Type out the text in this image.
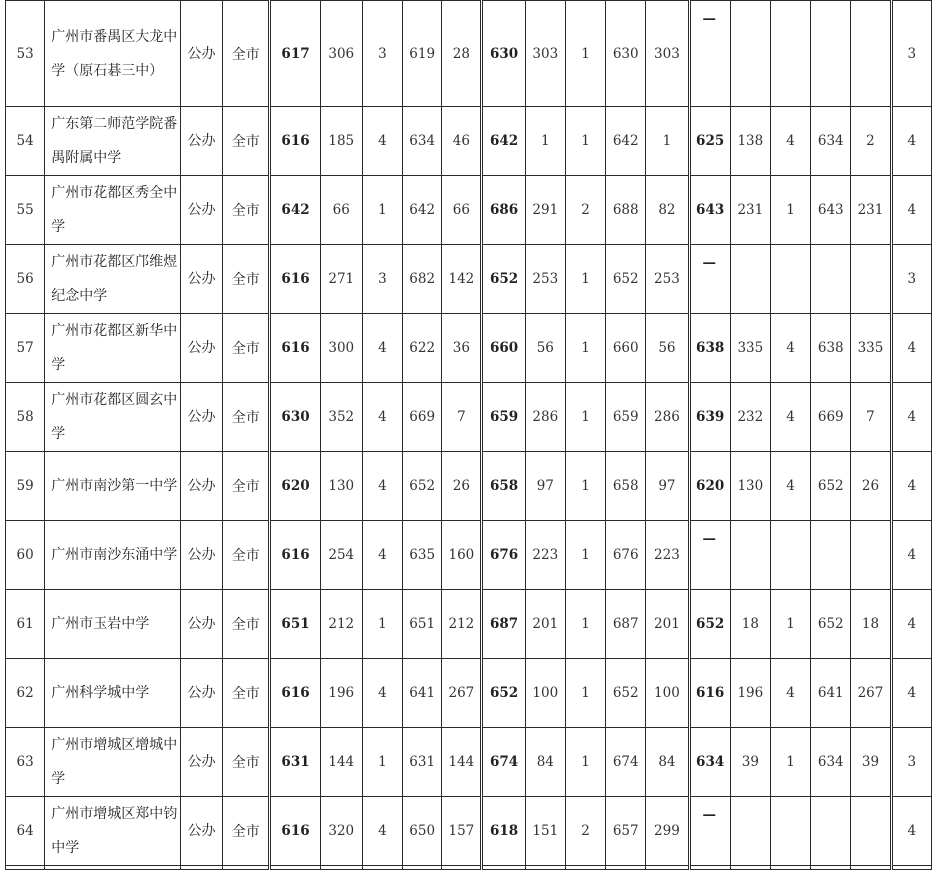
53	广州市番禺区大龙中学（原石碁三中）	公办	全市	617	306	3	619	28	630	303	1	630	303	—					3
54	广东第二师范学院番禺附属中学	公办	全市	616	185	4	634	46	642	1	1	642	1	625	138	4	634	2	4
55	广州市花都区秀全中学	公办	全市	642	66	1	642	66	686	291	2	688	82	643	231	1	643	231	4
56	广州市花都区邝维煜纪念中学	公办	全市	616	271	3	682	142	652	253	1	652	253	—					3
57	广州市花都区新华中学	公办	全市	616	300	4	622	36	660	56	1	660	56	638	335	4	638	335	4
58	广州市花都区圆玄中学	公办	全市	630	352	4	669	7	659	286	1	659	286	639	232	4	669	7	4
59	广州市南沙第一中学	公办	全市	620	130	4	652	26	658	97	1	658	97	620	130	4	652	26	4
60	广州市南沙东涌中学	公办	全市	616	254	4	635	160	676	223	1	676	223	—					4
61	广州市玉岩中学	公办	全市	651	212	1	651	212	687	201	1	687	201	652	18	1	652	18	4
62	广州科学城中学	公办	全市	616	196	4	641	267	652	100	1	652	100	616	196	4	641	267	4
63	广州市增城区增城中学	公办	全市	631	144	1	631	144	674	84	1	674	84	634	39	1	634	39	3
64	广州市增城区郑中钧中学	公办	全市	616	320	4	650	157	618	151	2	657	299	—					4
